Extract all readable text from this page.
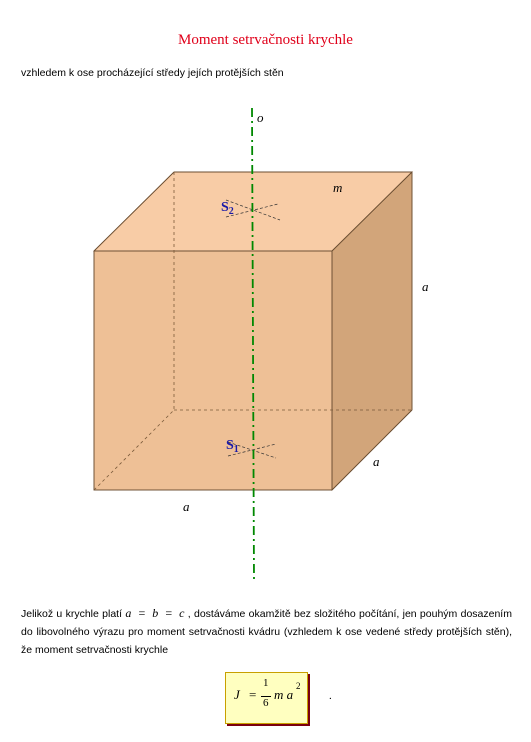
Moment setrvačnosti krychle
vzhledem k ose procházející středy jejích protějších stěn
o
m
a
a
a
$S_2$
$S_1$
Jelikož u krychle platí a = b = c , dostáváme okamžitě bez složitého počítání, jen pouhým dosazením do libovolného výrazu pro moment setrvačnosti kvádru (vzhledem k ose vedené středy protějších stěn), že moment setrvačnosti krychle
J =
1
6
m a
2
.
